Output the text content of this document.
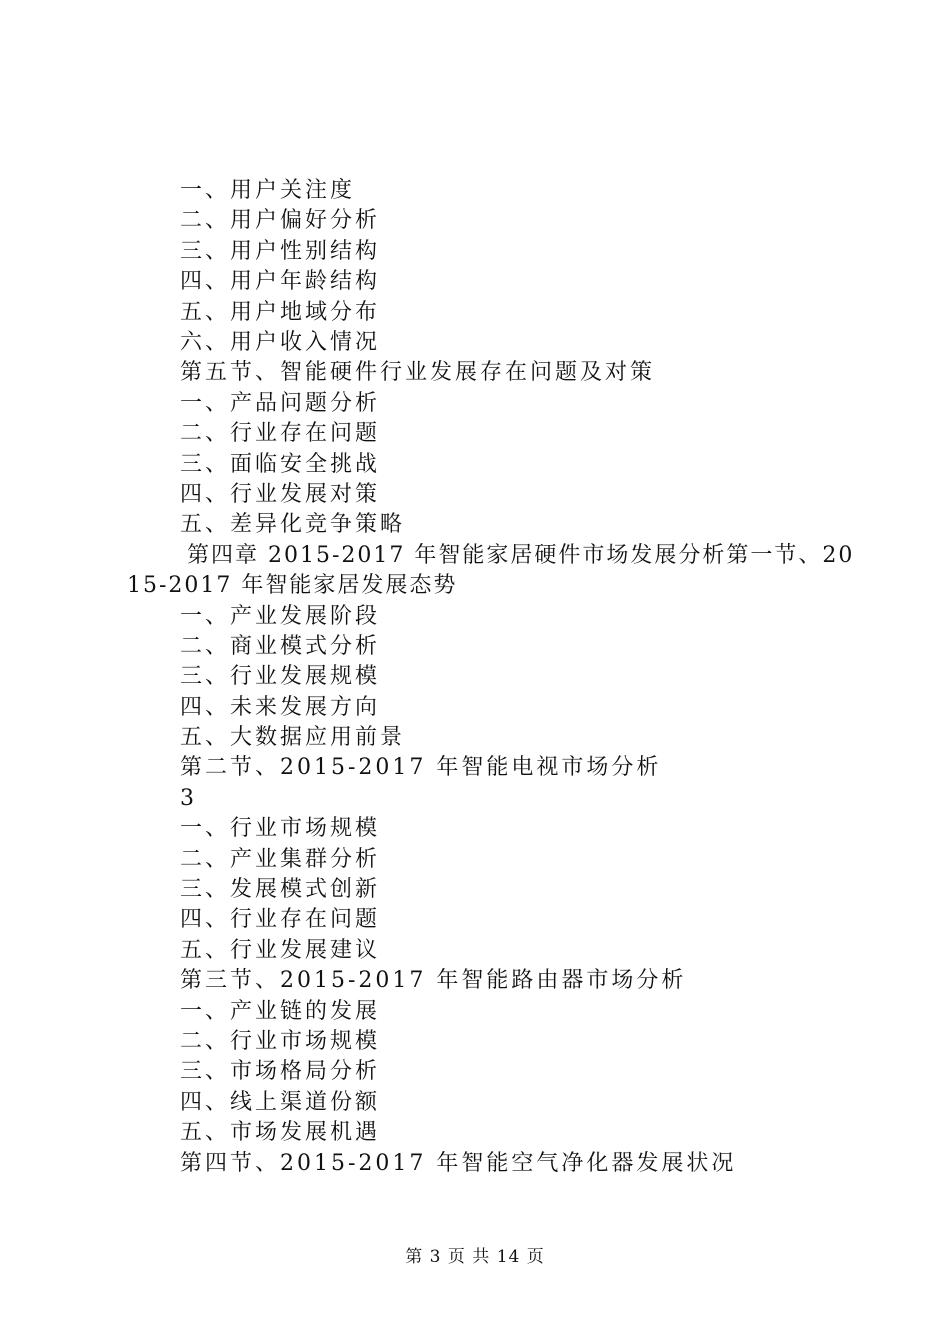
一、用户关注度
二、用户偏好分析
三、用户性别结构
四、用户年龄结构
五、用户地域分布
六、用户收入情况
第五节、智能硬件行业发展存在问题及对策
一、产品问题分析
二、行业存在问题
三、面临安全挑战
四、行业发展对策
五、差异化竞争策略
第四章 2015-2017 年智能家居硬件市场发展分析第一节、2015-2017 年智能家居发展态势
一、产业发展阶段
二、商业模式分析
三、行业发展规模
四、未来发展方向
五、大数据应用前景
第二节、2015-2017 年智能电视市场分析
3
一、行业市场规模
二、产业集群分析
三、发展模式创新
四、行业存在问题
五、行业发展建议
第三节、2015-2017 年智能路由器市场分析
一、产业链的发展
二、行业市场规模
三、市场格局分析
四、线上渠道份额
五、市场发展机遇
第四节、2015-2017 年智能空气净化器发展状况
第 3 页 共 14 页
